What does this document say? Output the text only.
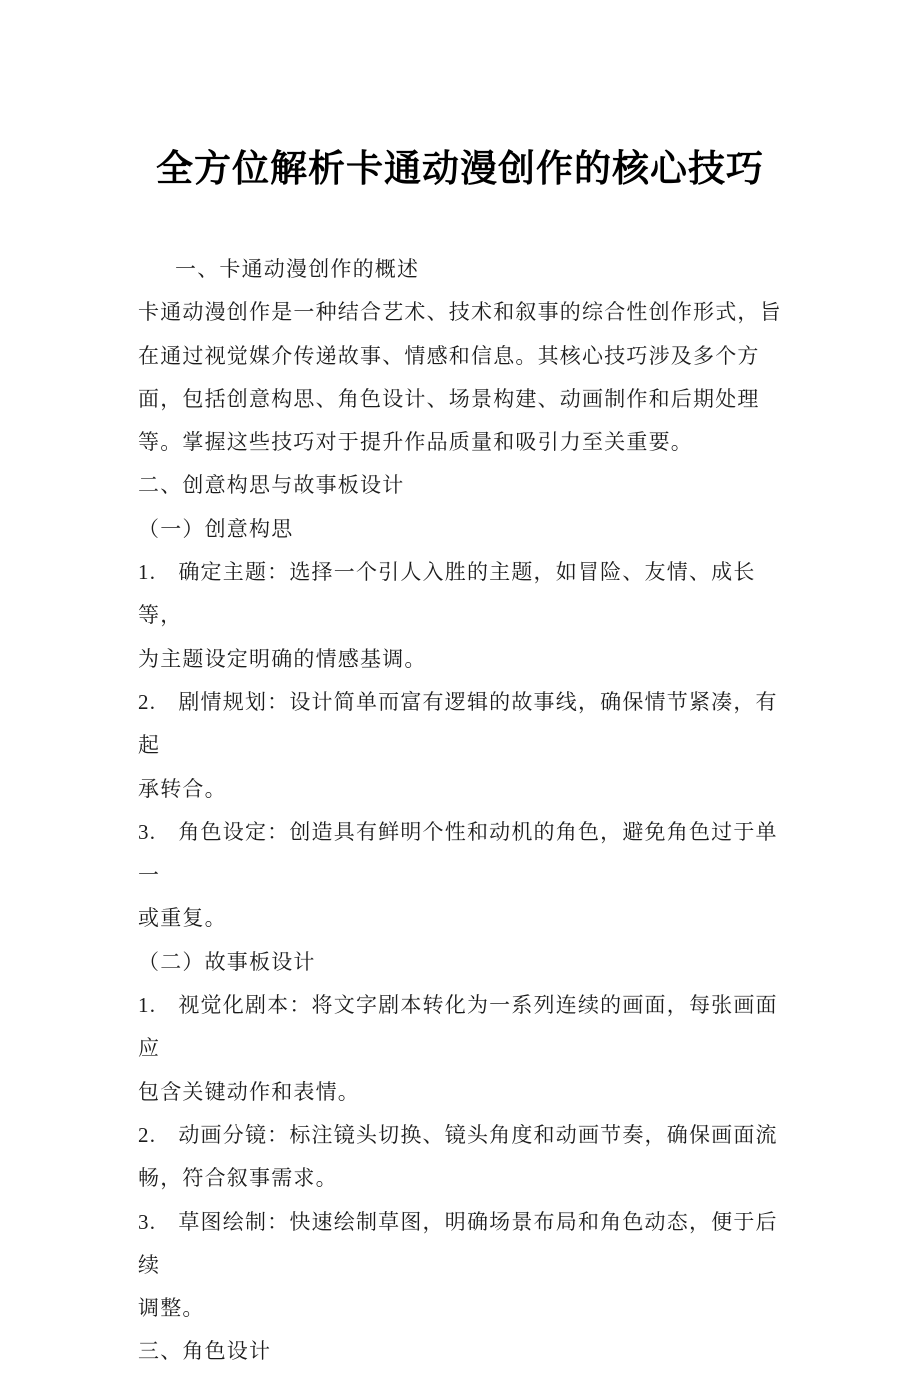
全方位解析卡通动漫创作的核心技巧
一、卡通动漫创作的概述
卡通动漫创作是一种结合艺术、技术和叙事的综合性创作形式，旨
在通过视觉媒介传递故事、情感和信息。其核心技巧涉及多个方
面，包括创意构思、角色设计、场景构建、动画制作和后期处理
等。掌握这些技巧对于提升作品质量和吸引力至关重要。
二、创意构思与故事板设计
（一）创意构思
1.　确定主题：选择一个引人入胜的主题，如冒险、友情、成长等，
为主题设定明确的情感基调。
2.　剧情规划：设计简单而富有逻辑的故事线，确保情节紧凑，有起
承转合。
3.　角色设定：创造具有鲜明个性和动机的角色，避免角色过于单一
或重复。
（二）故事板设计
1.　视觉化剧本：将文字剧本转化为一系列连续的画面，每张画面应
包含关键动作和表情。
2.　动画分镜：标注镜头切换、镜头角度和动画节奏，确保画面流
畅，符合叙事需求。
3.　草图绘制：快速绘制草图，明确场景布局和角色动态，便于后续
调整。
三、角色设计
